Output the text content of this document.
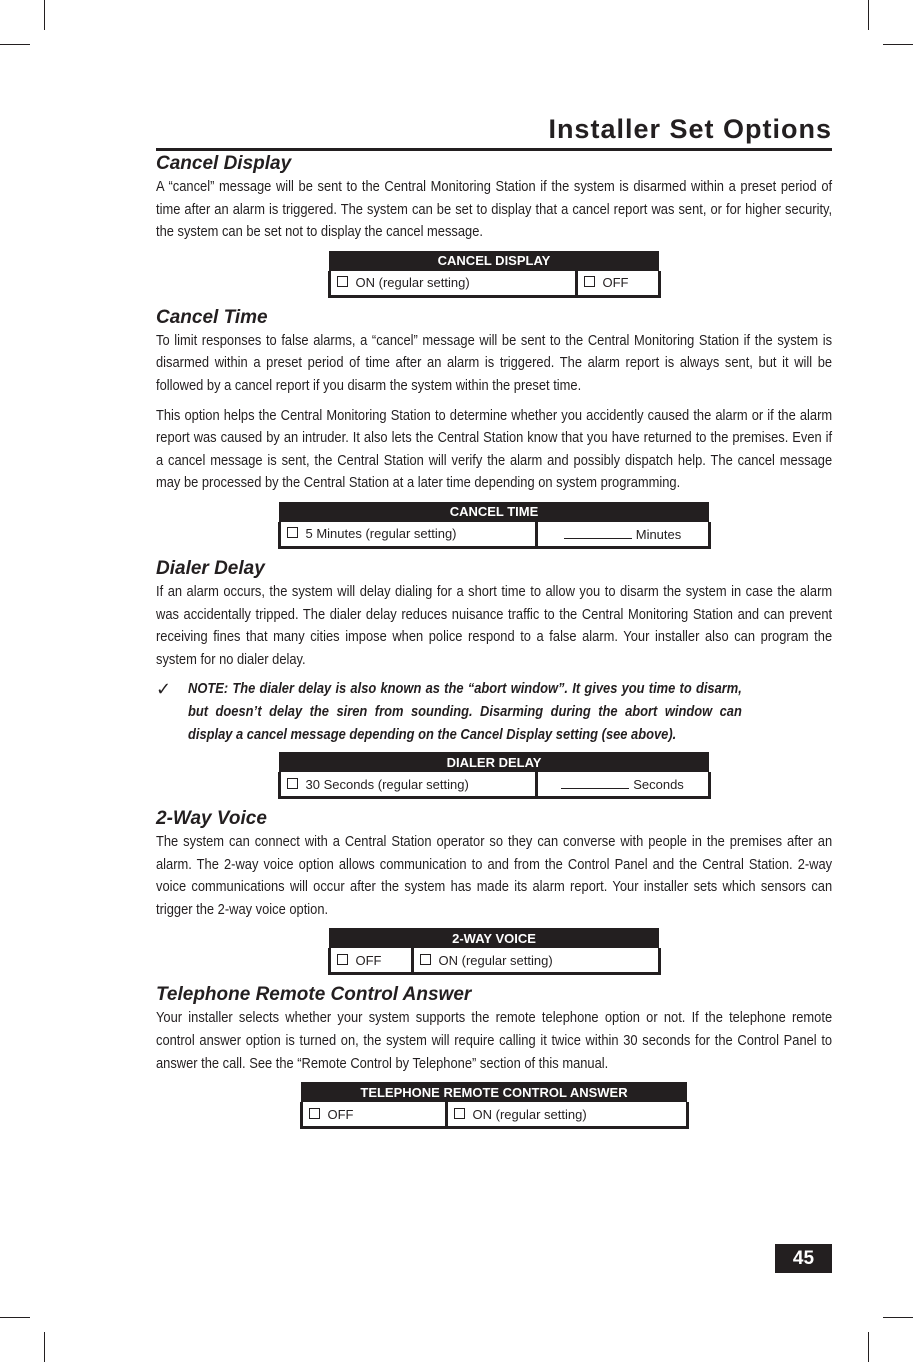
Installer Set Options
Cancel Display

A “cancel” message will be sent to the Central Monitoring Station if the system is disarmed within a preset period of time after an alarm is triggered. The system can be set to display that a cancel report was sent, or for higher security, the system can be set not to display the cancel message.

CANCEL DISPLAY
ON (regular setting)	OFF
Cancel Time

To limit responses to false alarms, a “cancel” message will be sent to the Central Monitoring Station if the system is disarmed within a preset period of time after an alarm is triggered. The alarm report is always sent, but it will be followed by a cancel report if you disarm the system within the preset time.

This option helps the Central Monitoring Station to determine whether you accidently caused the alarm or if the alarm report was caused by an intruder. It also lets the Central Station know that you have returned to the premises. Even if a cancel message is sent, the Central Station will verify the alarm and possibly dispatch help. The cancel message may be processed by the Central Station at a later time depending on system programming.

CANCEL TIME
5 Minutes (regular setting)	Minutes
Dialer Delay

If an alarm occurs, the system will delay dialing for a short time to allow you to disarm the system in case the alarm was accidentally tripped. The dialer delay reduces nuisance traffic to the Central Monitoring Station and can prevent receiving fines that many cities impose when police respond to a false alarm. Your installer also can program the system for no dialer delay.

✓	NOTE: The dialer delay is also known as the “abort window”. It gives you time to disarm, but doesn’t delay the siren from sounding. Disarming during the abort window can display a cancel message depending on the Cancel Display setting (see above).
DIALER DELAY
30 Seconds (regular setting)	Seconds
2-Way Voice

The system can connect with a Central Station operator so they can converse with people in the premises after an alarm. The 2-way voice option allows communication to and from the Control Panel and the Central Station. 2-way voice communications will occur after the system has made its alarm report. Your installer sets which sensors can trigger the 2-way voice option.

2-WAY VOICE
OFF	ON (regular setting)
Telephone Remote Control Answer

Your installer selects whether your system supports the remote telephone option or not. If the telephone remote control answer option is turned on, the system will require calling it twice within 30 seconds for the Control Panel to answer the call. See the “Remote Control by Telephone” section of this manual.

TELEPHONE REMOTE CONTROL ANSWER
OFF	ON (regular setting)
45
